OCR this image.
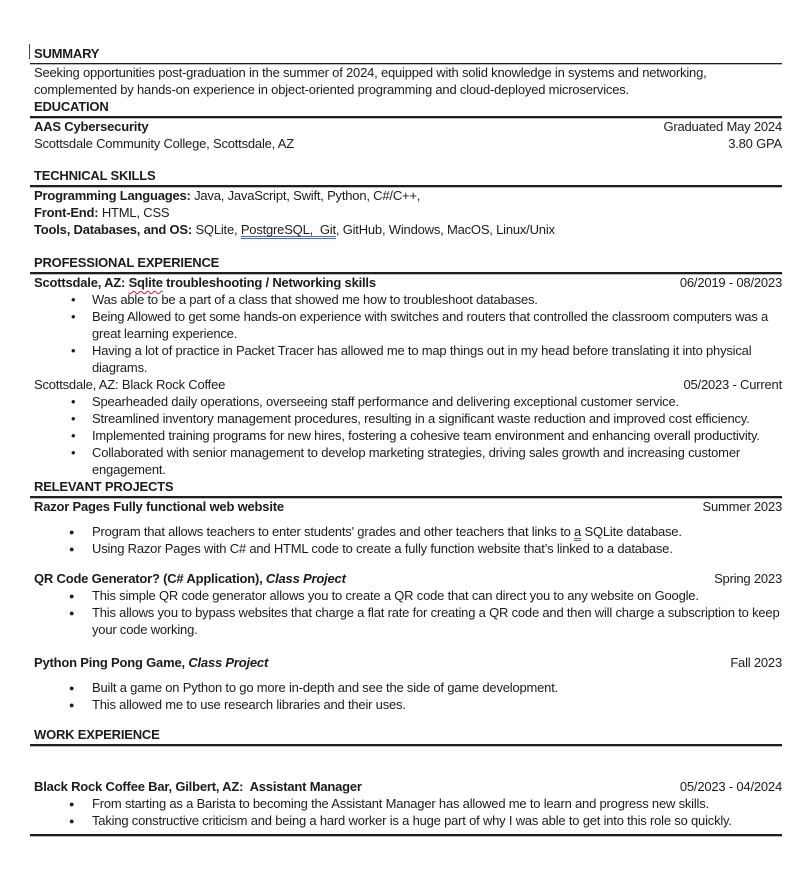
SUMMARY
Seeking opportunities post-graduation in the summer of 2024, equipped with solid knowledge in systems and networking, complemented by hands-on experience in object-oriented programming and cloud-deployed microservices.
EDUCATION
AAS Cybersecurity	Graduated May 2024
Scottsdale Community College, Scottsdale, AZ	3.80 GPA
TECHNICAL SKILLS
Programming Languages: Java, JavaScript, Swift, Python, C#/C++,
Front-End: HTML, CSS
Tools, Databases, and OS: SQLite, PostgreSQL,  Git, GitHub, Windows, MacOS, Linux/Unix
PROFESSIONAL EXPERIENCE
Scottsdale, AZ: Sqlite troubleshooting / Networking skills	06/2019 - 08/2023
• Was able to be a part of a class that showed me how to troubleshoot databases.
• Being Allowed to get some hands-on experience with switches and routers that controlled the classroom computers was a great learning experience.
• Having a lot of practice in Packet Tracer has allowed me to map things out in my head before translating it into physical diagrams.
Scottsdale, AZ: Black Rock Coffee	05/2023 - Current
• Spearheaded daily operations, overseeing staff performance and delivering exceptional customer service.
• Streamlined inventory management procedures, resulting in a significant waste reduction and improved cost efficiency.
• Implemented training programs for new hires, fostering a cohesive team environment and enhancing overall productivity.
• Collaborated with senior management to develop marketing strategies, driving sales growth and increasing customer engagement.
RELEVANT PROJECTS
Razor Pages Fully functional web website	Summer 2023
● Program that allows teachers to enter students' grades and other teachers that links to a SQLite database.
● Using Razor Pages with C# and HTML code to create a fully function website that’s linked to a database.
QR Code Generator? (C# Application), Class Project	Spring 2023
● This simple QR code generator allows you to create a QR code that can direct you to any website on Google.
● This allows you to bypass websites that charge a flat rate for creating a QR code and then will charge a subscription to keep your code working.
Python Ping Pong Game, Class Project	Fall 2023
● Built a game on Python to go more in-depth and see the side of game development.
● This allowed me to use research libraries and their uses.
WORK EXPERIENCE
Black Rock Coffee Bar, Gilbert, AZ:  Assistant Manager	05/2023 - 04/2024
● From starting as a Barista to becoming the Assistant Manager has allowed me to learn and progress new skills.
● Taking constructive criticism and being a hard worker is a huge part of why I was able to get into this role so quickly.
